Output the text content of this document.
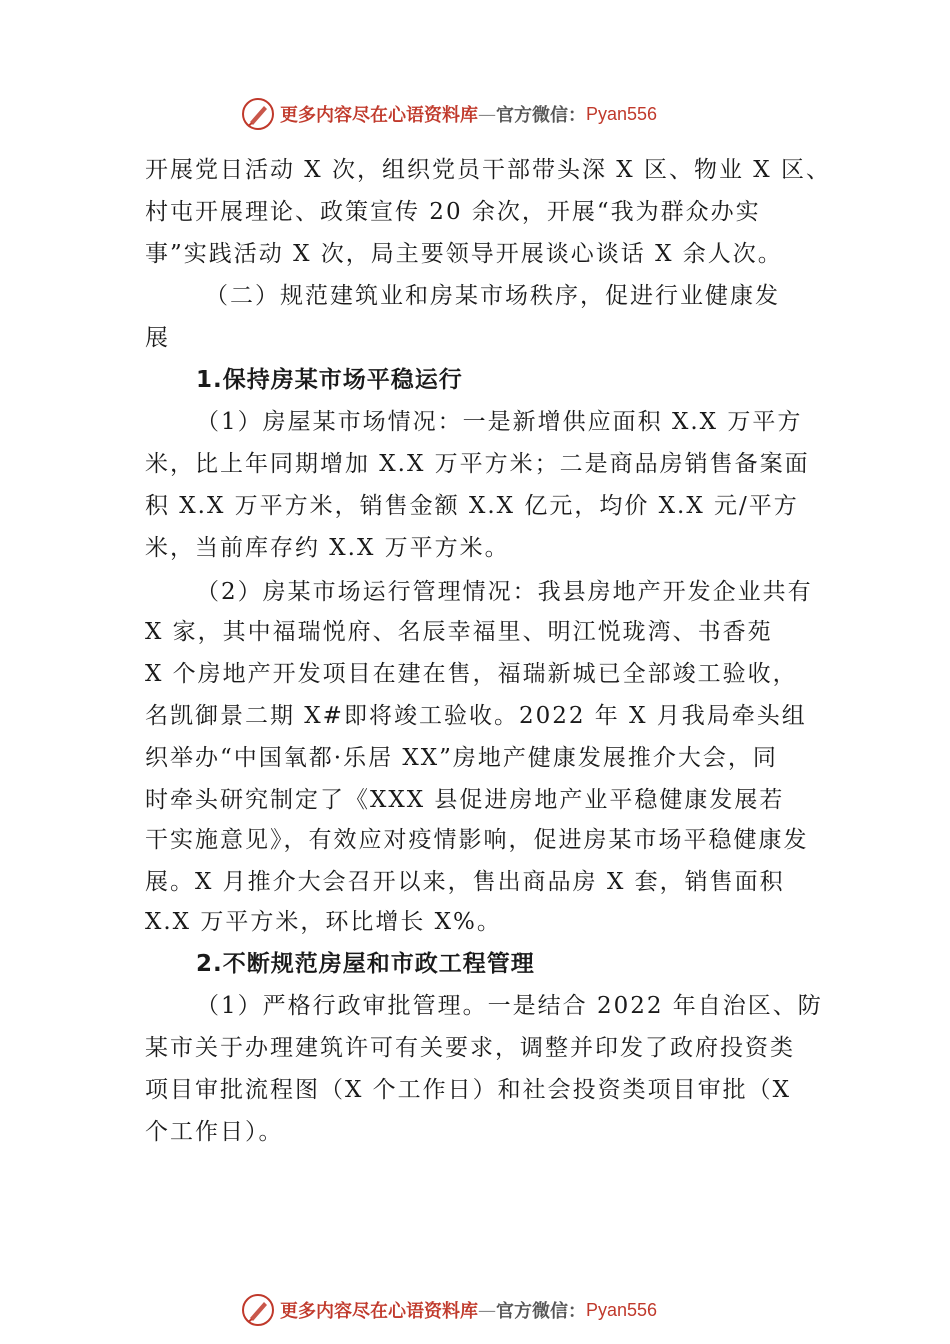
更多内容尽在心语资料库 — 官方微信： Pyan556
开展党日活动 X 次，组织党员干部带头深 X 区、物业 X 区、
村屯开展理论、政策宣传 20 余次，开展“我为群众办实
事”实践活动 X 次，局主要领导开展谈心谈话 X 余人次。
（二）规范建筑业和房某市场秩序，促进行业健康发
展
1.保持房某市场平稳运行
（1）房屋某市场情况：一是新增供应面积 X.X 万平方
米，比上年同期增加 X.X 万平方米；二是商品房销售备案面
积 X.X 万平方米，销售金额 X.X 亿元，均价 X.X 元/平方
米，当前库存约 X.X 万平方米。
（2）房某市场运行管理情况：我县房地产开发企业共有
X 家，其中福瑞悦府、名辰幸福里、明江悦珑湾、书香苑
X 个房地产开发项目在建在售，福瑞新城已全部竣工验收，
名凯御景二期 X#即将竣工验收。2022 年 X 月我局牵头组
织举办“中国氧都·乐居 XX”房地产健康发展推介大会，同
时牵头研究制定了《XXX 县促进房地产业平稳健康发展若
干实施意见》，有效应对疫情影响，促进房某市场平稳健康发
展。X 月推介大会召开以来，售出商品房 X 套，销售面积
X.X 万平方米，环比增长 X%。
2.不断规范房屋和市政工程管理
（1）严格行政审批管理。一是结合 2022 年自治区、防
某市关于办理建筑许可有关要求，调整并印发了政府投资类
项目审批流程图（X 个工作日）和社会投资类项目审批（X
个工作日）。
更多内容尽在心语资料库 — 官方微信： Pyan556
